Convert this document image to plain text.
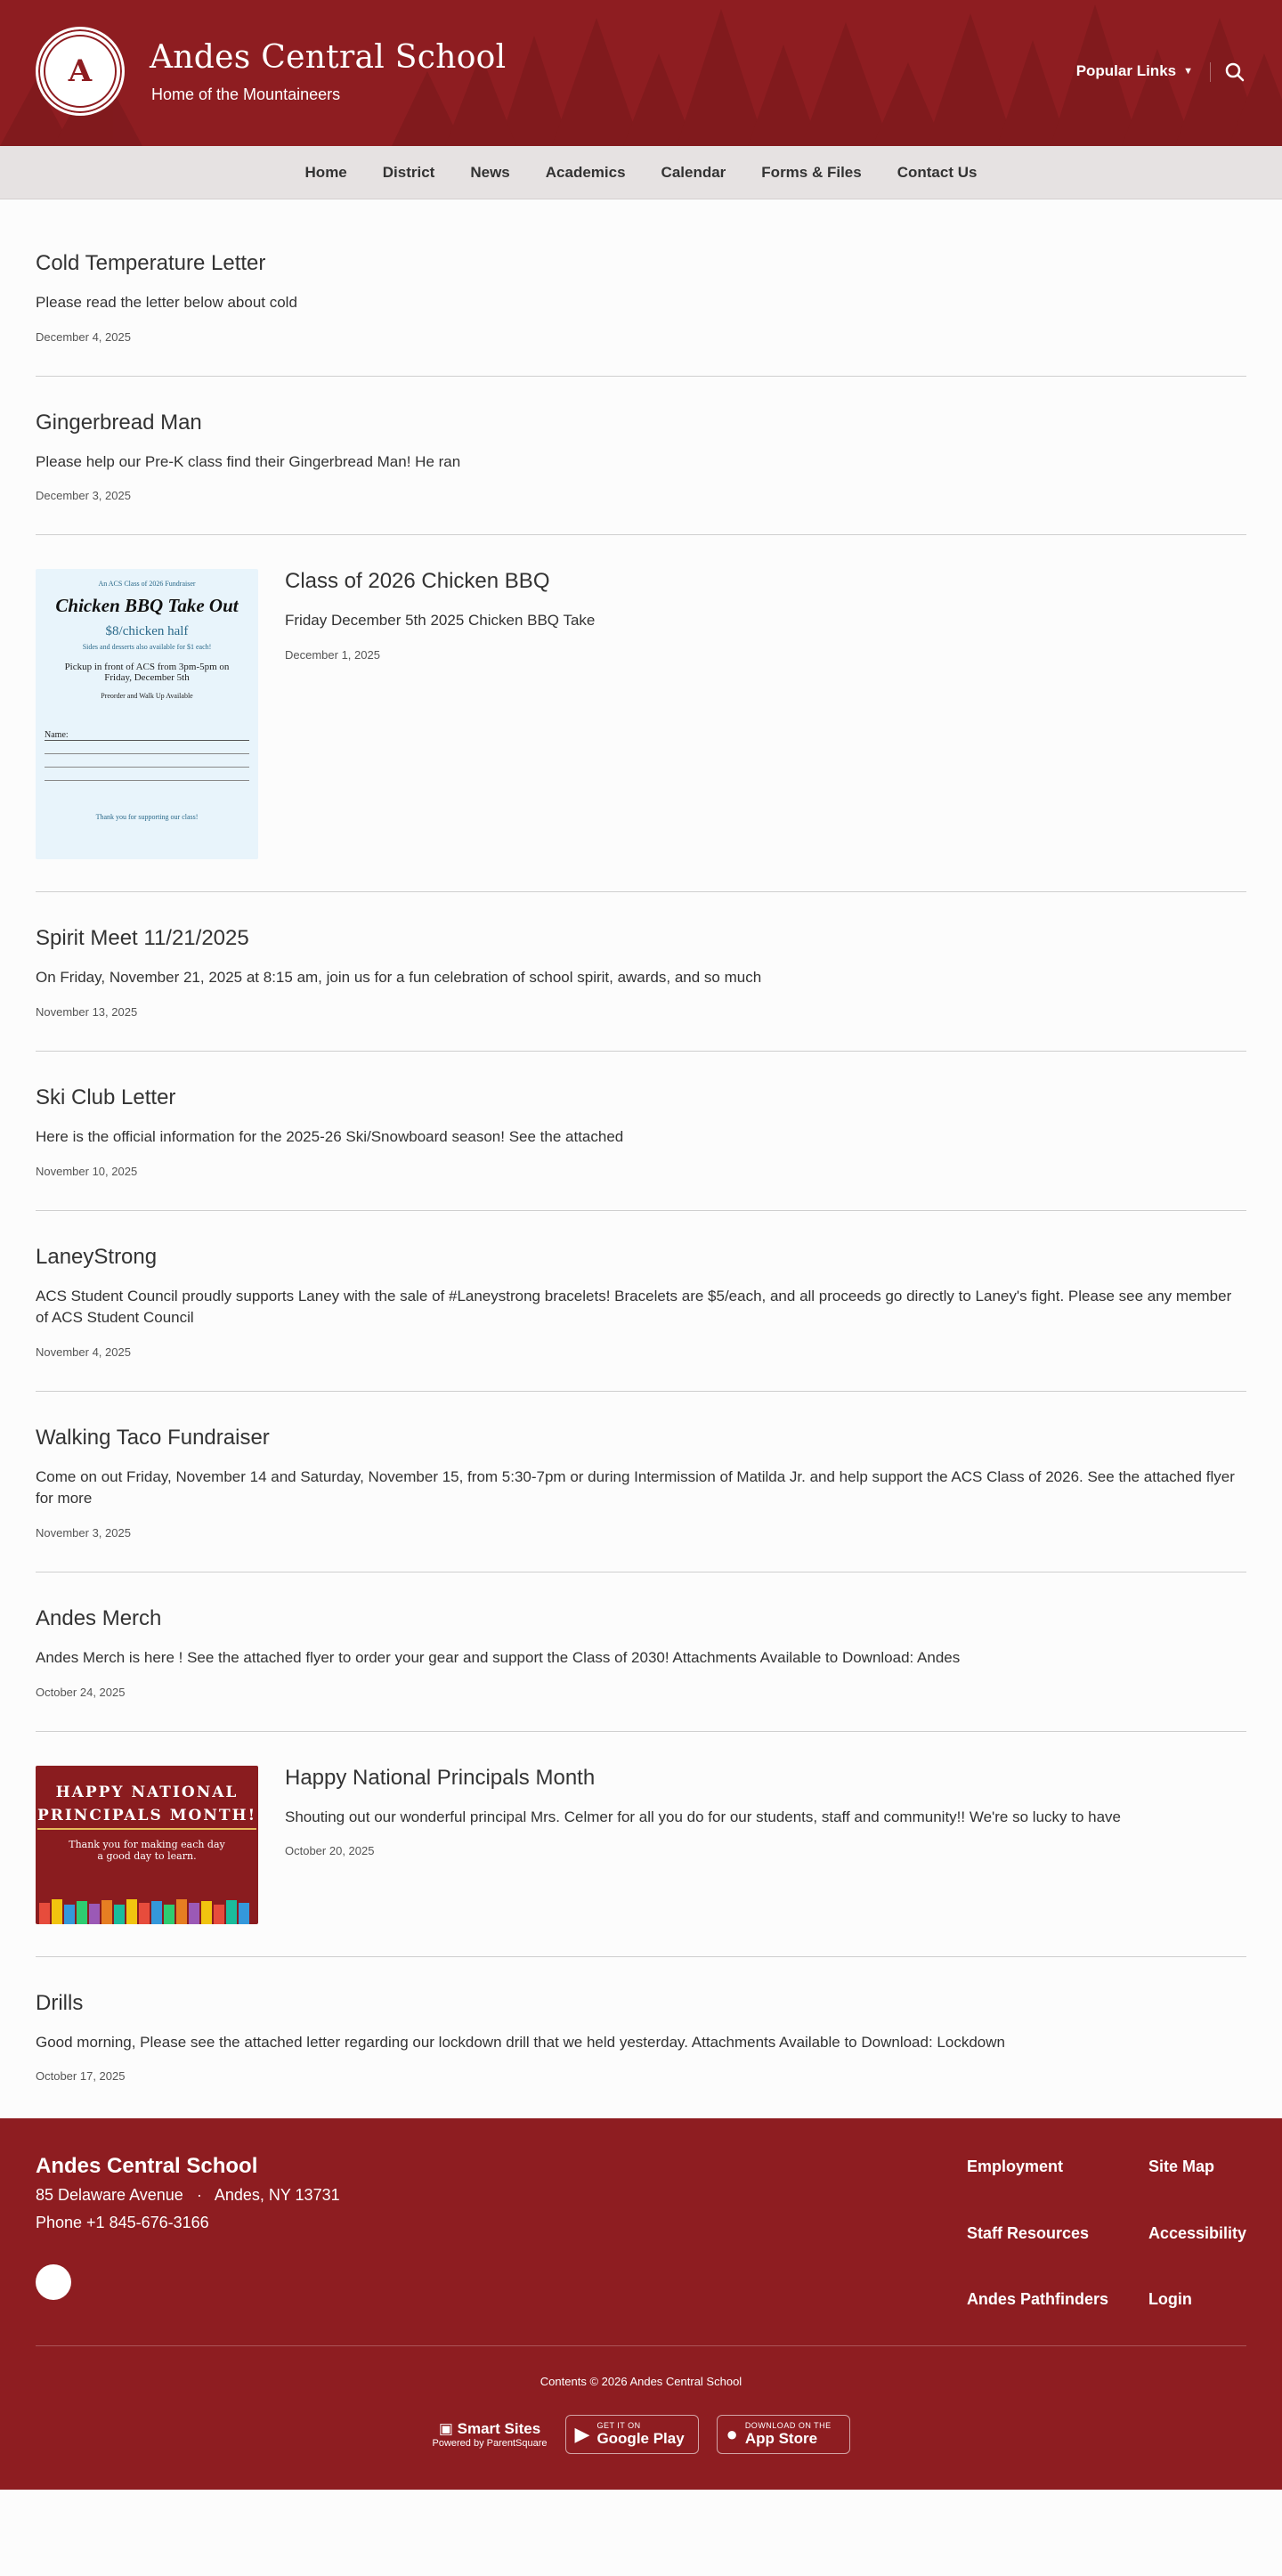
A Andes Central School
Home of the Mountaineers
Popular Links ▼
Home District News Academics Calendar Forms & Files Contact Us
Cold Temperature Letter

Please read the letter below about cold

December 4, 2025
Gingerbread Man

Please help our Pre-K class find their Gingerbread Man! He ran

December 3, 2025
An ACS Class of 2026 Fundraiser
Chicken BBQ Take Out
$8/chicken half
Sides and desserts also available for $1 each!
Pickup in front of ACS from 3pm-5pm on Friday, December 5th
Preorder and Walk Up Available
Name:
Thank you for supporting our class!
Class of 2026 Chicken BBQ

Friday December 5th 2025 Chicken BBQ Take

December 1, 2025
Spirit Meet 11/21/2025

On Friday, November 21, 2025 at 8:15 am, join us for a fun celebration of school spirit, awards, and so much

November 13, 2025
Ski Club Letter

Here is the official information for the 2025-26 Ski/Snowboard season! See the attached

November 10, 2025
LaneyStrong

ACS Student Council proudly supports Laney with the sale of #Laneystrong bracelets! Bracelets are $5/each, and all proceeds go directly to Laney's fight. Please see any member of ACS Student Council

November 4, 2025
Walking Taco Fundraiser

Come on out Friday, November 14 and Saturday, November 15, from 5:30-7pm or during Intermission of Matilda Jr. and help support the ACS Class of 2026. See the attached flyer for more

November 3, 2025
Andes Merch

Andes Merch is here ! See the attached flyer to order your gear and support the Class of 2030! Attachments Available to Download: Andes

October 24, 2025
HAPPY NATIONAL
PRINCIPALS MONTH!
Thank you for making each day
a good day to learn.
Happy National Principals Month

Shouting out our wonderful principal Mrs. Celmer for all you do for our students, staff and community!! We're so lucky to have

October 20, 2025
Drills

Good morning, Please see the attached letter regarding our lockdown drill that we held yesterday. Attachments Available to Download: Lockdown

October 17, 2025
Andes Central School
85 Delaware Avenue   ·   Andes, NY 13731
Phone +1 845-676-3166
Employment	Site Map
Staff Resources	Accessibility
Andes Pathfinders	Login
Contents © 2026 Andes Central School
▣ Smart Sites
Powered by ParentSquare ▶ GET IT ON
Google Play ● DOWNLOAD ON THE
App Store
